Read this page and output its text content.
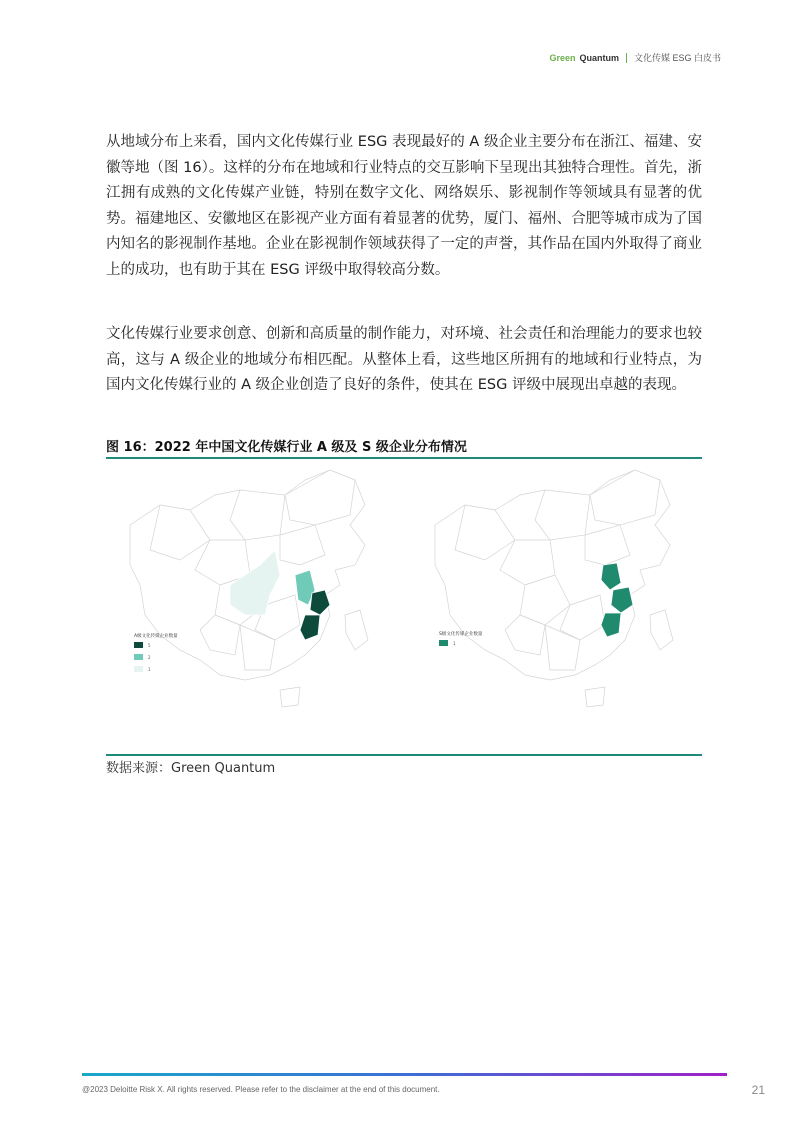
Green Quantum 文化传媒 ESG 白皮书
从地域分布上来看，国内文化传媒行业 ESG 表现最好的 A 级企业主要分布在浙江、福建、安徽等地（图 16）。这样的分布在地域和行业特点的交互影响下呈现出其独特合理性。首先，浙江拥有成熟的文化传媒产业链，特别在数字文化、网络娱乐、影视制作等领域具有显著的优势。福建地区、安徽地区在影视产业方面有着显著的优势，厦门、福州、合肥等城市成为了国内知名的影视制作基地。企业在影视制作领域获得了一定的声誉，其作品在国内外取得了商业上的成功，也有助于其在 ESG 评级中取得较高分数。
文化传媒行业要求创意、创新和高质量的制作能力，对环境、社会责任和治理能力的要求也较高，这与 A 级企业的地域分布相匹配。从整体上看，这些地区所拥有的地域和行业特点，为国内文化传媒行业的 A 级企业创造了良好的条件，使其在 ESG 评级中展现出卓越的表现。
图 16：2022 年中国文化传媒行业 A 级及 S 级企业分布情况
A级文化传媒企业数量
5
2
1
S级文化传媒企业数量
1
数据来源：Green Quantum
@2023 Deloitte Risk X. All rights reserved. Please refer to the disclaimer at the end of this document.	21
